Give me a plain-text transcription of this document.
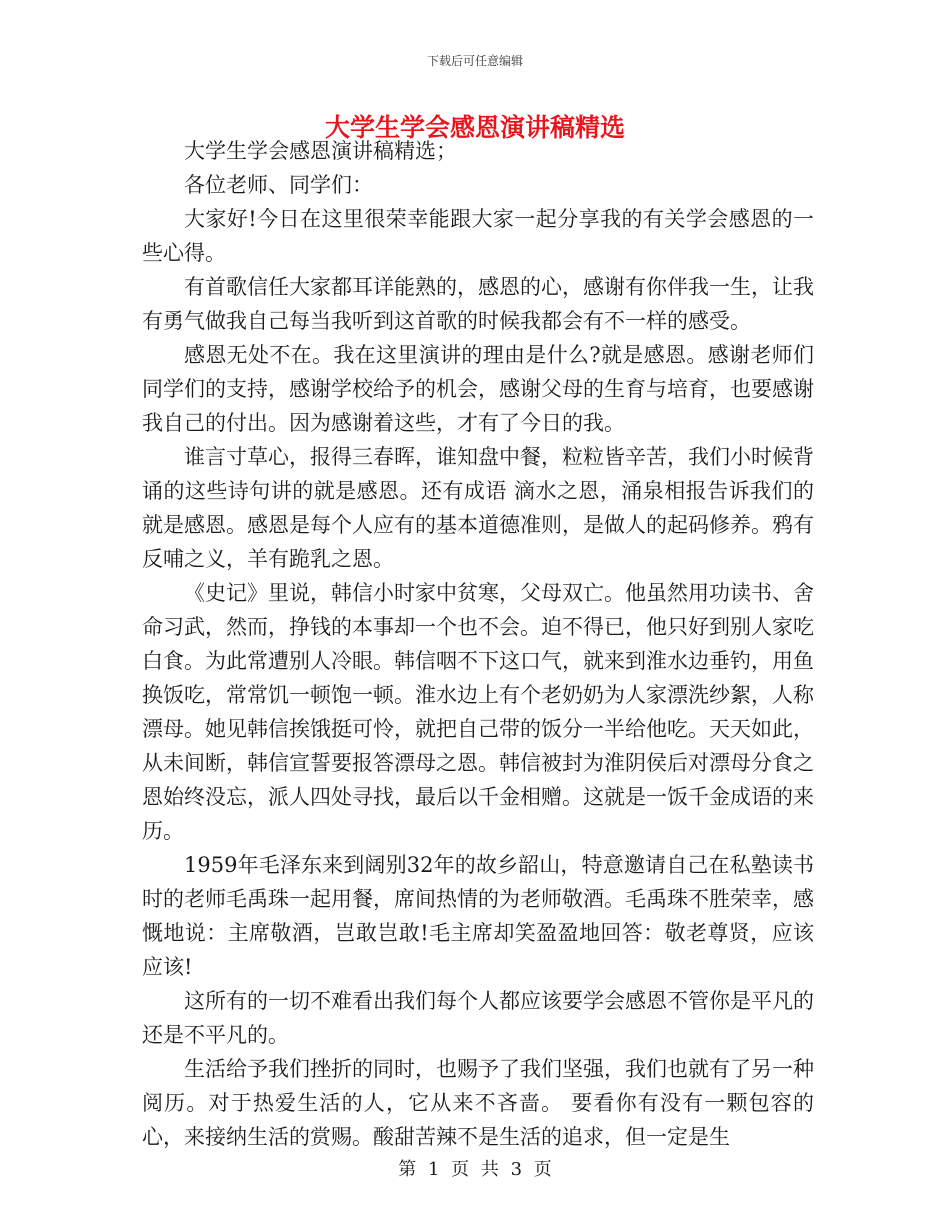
下载后可任意编辑
大学生学会感恩演讲稿精选

大学生学会感恩演讲稿精选；

各位老师、同学们：

大家好!今日在这里很荣幸能跟大家一起分享我的有关学会感恩的一些心得。

有首歌信任大家都耳详能熟的，感恩的心，感谢有你伴我一生，让我有勇气做我自己每当我听到这首歌的时候我都会有不一样的感受。

感恩无处不在。我在这里演讲的理由是什么?就是感恩。感谢老师们同学们的支持，感谢学校给予的机会，感谢父母的生育与培育，也要感谢我自己的付出。因为感谢着这些，才有了今日的我。

谁言寸草心，报得三春晖，谁知盘中餐，粒粒皆辛苦，我们小时候背诵的这些诗句讲的就是感恩。还有成语 滴水之恩，涌泉相报告诉我们的就是感恩。感恩是每个人应有的基本道德准则，是做人的起码修养。鸦有反哺之义，羊有跪乳之恩。

《史记》里说，韩信小时家中贫寒，父母双亡。他虽然用功读书、舍命习武，然而，挣钱的本事却一个也不会。迫不得已，他只好到别人家吃白食。为此常遭别人冷眼。韩信咽不下这口气，就来到淮水边垂钓，用鱼换饭吃，常常饥一顿饱一顿。淮水边上有个老奶奶为人家漂洗纱絮，人称漂母。她见韩信挨饿挺可怜，就把自己带的饭分一半给他吃。天天如此，从未间断，韩信宣誓要报答漂母之恩。韩信被封为淮阴侯后对漂母分食之恩始终没忘，派人四处寻找，最后以千金相赠。这就是一饭千金成语的来历。

1959年毛泽东来到阔别32年的故乡韶山，特意邀请自己在私塾读书时的老师毛禹珠一起用餐，席间热情的为老师敬酒。毛禹珠不胜荣幸，感慨地说：主席敬酒，岂敢岂敢!毛主席却笑盈盈地回答：敬老尊贤，应该应该!

这所有的一切不难看出我们每个人都应该要学会感恩不管你是平凡的还是不平凡的。

生活给予我们挫折的同时，也赐予了我们坚强，我们也就有了另一种阅历。对于热爱生活的人，它从来不吝啬。 要看你有没有一颗包容的心，来接纳生活的赏赐。酸甜苦辣不是生活的追求，但一定是生

第 1 页 共 3 页
